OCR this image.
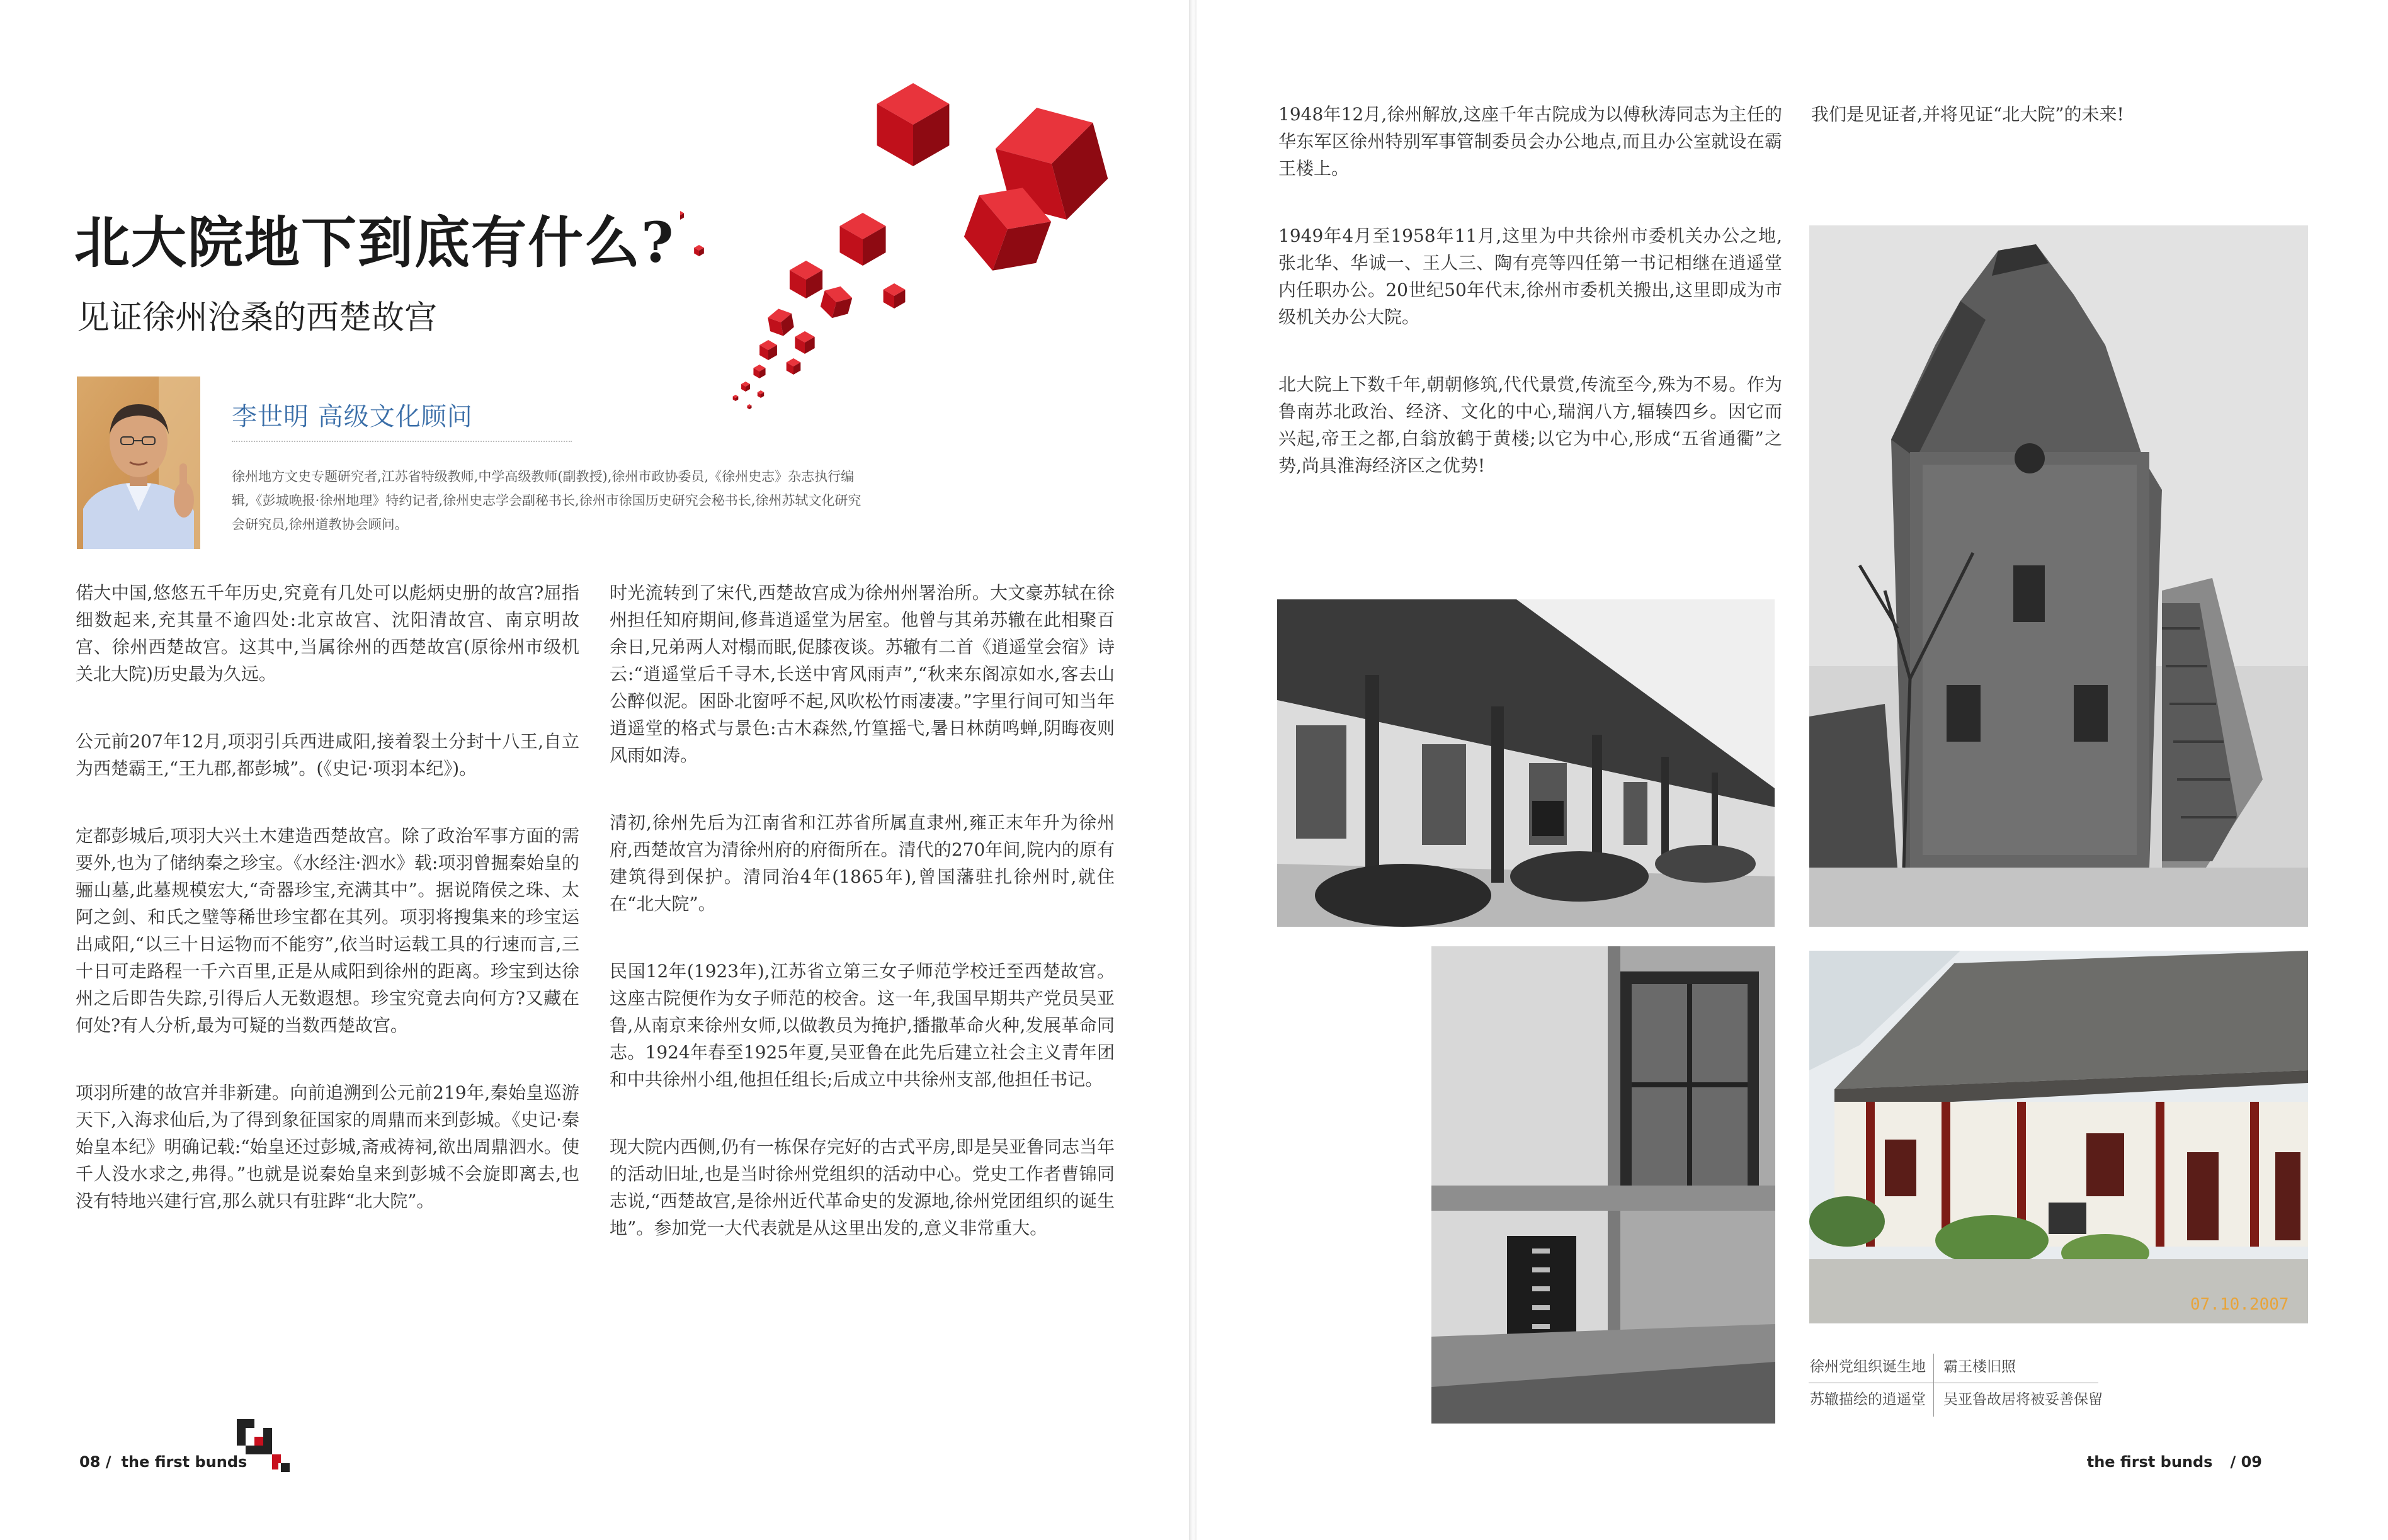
北大院地下到底有什么?
见证徐州沧桑的西楚故宫
李世明 高级文化顾问
徐州地方文史专题研究者,江苏省特级教师,中学高级教师(副教授),徐州市政协委员,《徐州史志》杂志执行编辑,《彭城晚报·徐州地理》特约记者,徐州史志学会副秘书长,徐州市徐国历史研究会秘书长,徐州苏轼文化研究会研究员,徐州道教协会顾问。

偌大中国,悠悠五千年历史,究竟有几处可以彪炳史册的故宫?屈指细数起来,充其量不逾四处:北京故宫、沈阳清故宫、南京明故宫、徐州西楚故宫。这其中,当属徐州的西楚故宫(原徐州市级机关北大院)历史最为久远。

公元前207年12月,项羽引兵西进咸阳,接着裂土分封十八王,自立为西楚霸王,“王九郡,都彭城”。(《史记·项羽本纪》)。

定都彭城后,项羽大兴土木建造西楚故宫。除了政治军事方面的需要外,也为了储纳秦之珍宝。《水经注·泗水》载:项羽曾掘秦始皇的骊山墓,此墓规模宏大,“奇器珍宝,充满其中”。据说隋侯之珠、太阿之剑、和氏之璧等稀世珍宝都在其列。项羽将搜集来的珍宝运出咸阳,“以三十日运物而不能穷”,依当时运载工具的行速而言,三十日可走路程一千六百里,正是从咸阳到徐州的距离。珍宝到达徐州之后即告失踪,引得后人无数遐想。珍宝究竟去向何方?又藏在何处?有人分析,最为可疑的当数西楚故宫。

项羽所建的故宫并非新建。向前追溯到公元前219年,秦始皇巡游天下,入海求仙后,为了得到象征国家的周鼎而来到彭城。《史记·秦始皇本纪》明确记载:“始皇还过彭城,斋戒祷祠,欲出周鼎泗水。使千人没水求之,弗得。”也就是说秦始皇来到彭城不会旋即离去,也没有特地兴建行宫,那么就只有驻跸“北大院”。

时光流转到了宋代,西楚故宫成为徐州州署治所。大文豪苏轼在徐州担任知府期间,修葺逍遥堂为居室。他曾与其弟苏辙在此相聚百余日,兄弟两人对榻而眠,促膝夜谈。苏辙有二首《逍遥堂会宿》诗云:“逍遥堂后千寻木,长送中宵风雨声”,“秋来东阁凉如水,客去山公醉似泥。困卧北窗呼不起,风吹松竹雨凄凄。”字里行间可知当年逍遥堂的格式与景色:古木森然,竹篁摇弋,暑日林荫鸣蝉,阴晦夜则风雨如涛。

清初,徐州先后为江南省和江苏省所属直隶州,雍正末年升为徐州府,西楚故宫为清徐州府的府衙所在。清代的270年间,院内的原有建筑得到保护。清同治4年(1865年),曾国藩驻扎徐州时,就住在“北大院”。

民国12年(1923年),江苏省立第三女子师范学校迁至西楚故宫。这座古院便作为女子师范的校舍。这一年,我国早期共产党员吴亚鲁,从南京来徐州女师,以做教员为掩护,播撒革命火种,发展革命同志。1924年春至1925年夏,吴亚鲁在此先后建立社会主义青年团和中共徐州小组,他担任组长;后成立中共徐州支部,他担任书记。

现大院内西侧,仍有一栋保存完好的古式平房,即是吴亚鲁同志当年的活动旧址,也是当时徐州党组织的活动中心。党史工作者曹锦同志说,“西楚故宫,是徐州近代革命史的发源地,徐州党团组织的诞生地”。参加党一大代表就是从这里出发的,意义非常重大。

08 / the first bunds

1948年12月,徐州解放,这座千年古院成为以傅秋涛同志为主任的华东军区徐州特别军事管制委员会办公地点,而且办公室就设在霸王楼上。

1949年4月至1958年11月,这里为中共徐州市委机关办公之地,张北华、华诚一、王人三、陶有亮等四任第一书记相继在逍遥堂内任职办公。20世纪50年代末,徐州市委机关搬出,这里即成为市级机关办公大院。

北大院上下数千年,朝朝修筑,代代景赏,传流至今,殊为不易。作为鲁南苏北政治、经济、文化的中心,瑞润八方,辐辏四乡。因它而兴起,帝王之都,白翁放鹤于黄楼;以它为中心,形成“五省通衢”之势,尚具淮海经济区之优势!

我们是见证者,并将见证“北大院”的未来!

07.10.2007
徐州党组织诞生地 霸王楼旧照
苏辙描绘的逍遥堂 吴亚鲁故居将被妥善保留
the first bunds / 09
